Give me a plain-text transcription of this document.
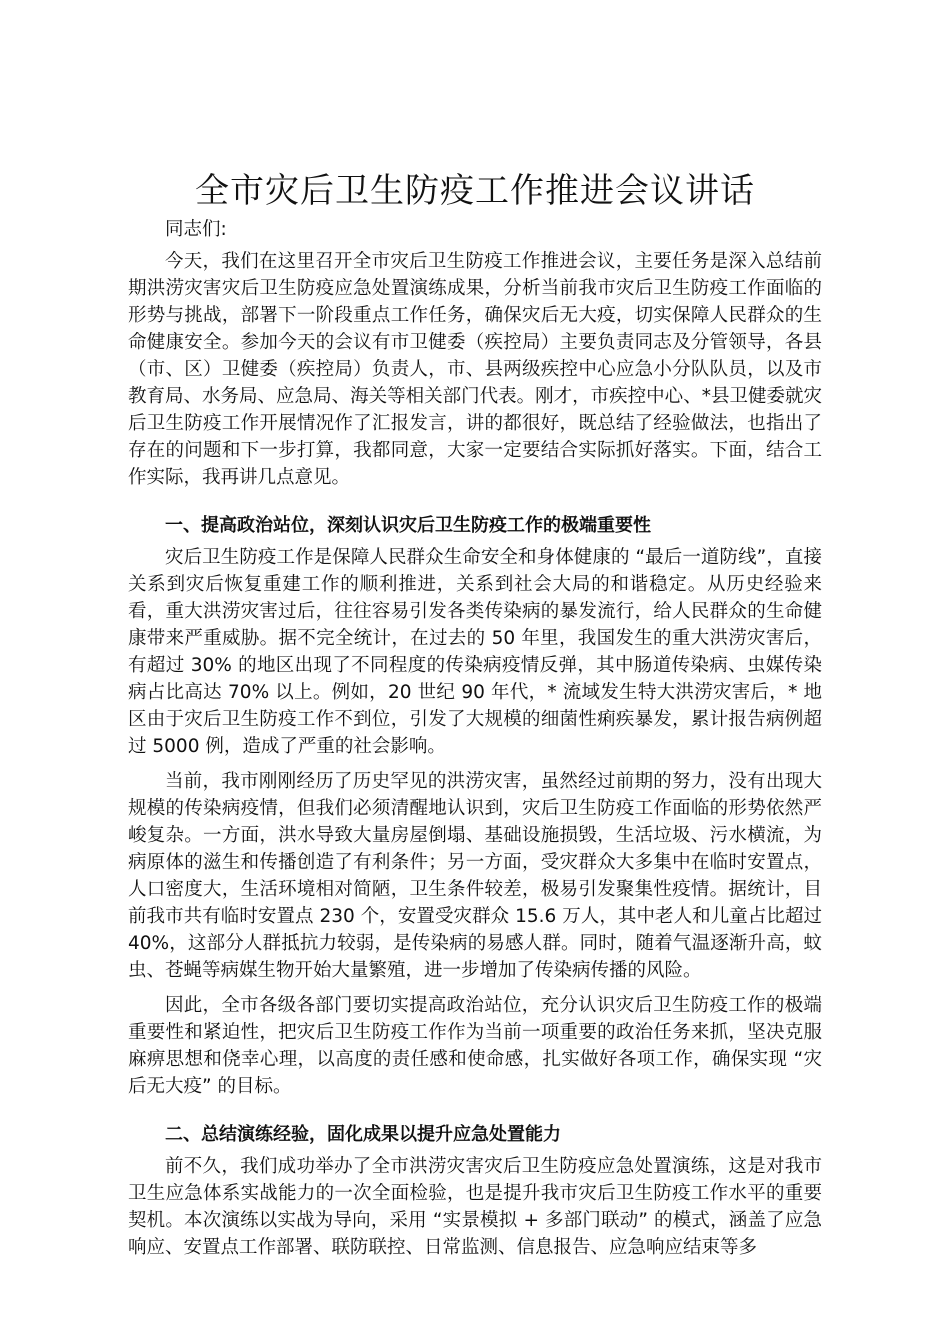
全市灾后卫生防疫工作推进会议讲话
同志们:
今天，我们在这里召开全市灾后卫生防疫工作推进会议，主要任务是深入总结前期洪涝灾害灾后卫生防疫应急处置演练成果，分析当前我市灾后卫生防疫工作面临的形势与挑战，部署下一阶段重点工作任务，确保灾后无大疫，切实保障人民群众的生命健康安全。参加今天的会议有市卫健委（疾控局）主要负责同志及分管领导，各县（市、区）卫健委（疾控局）负责人，市、县两级疾控中心应急小分队队员，以及市教育局、水务局、应急局、海关等相关部门代表。刚才，市疾控中心、*县卫健委就灾后卫生防疫工作开展情况作了汇报发言，讲的都很好，既总结了经验做法，也指出了存在的问题和下一步打算，我都同意，大家一定要结合实际抓好落实。下面，结合工作实际，我再讲几点意见。
一、提高政治站位，深刻认识灾后卫生防疫工作的极端重要性
灾后卫生防疫工作是保障人民群众生命安全和身体健康的 “最后一道防线”，直接关系到灾后恢复重建工作的顺利推进，关系到社会大局的和谐稳定。从历史经验来看，重大洪涝灾害过后，往往容易引发各类传染病的暴发流行，给人民群众的生命健康带来严重威胁。据不完全统计，在过去的 50 年里，我国发生的重大洪涝灾害后，有超过 30% 的地区出现了不同程度的传染病疫情反弹，其中肠道传染病、虫媒传染病占比高达 70% 以上。例如，20 世纪 90 年代，* 流域发生特大洪涝灾害后，* 地区由于灾后卫生防疫工作不到位，引发了大规模的细菌性痢疾暴发，累计报告病例超过 5000 例，造成了严重的社会影响。
当前，我市刚刚经历了历史罕见的洪涝灾害，虽然经过前期的努力，没有出现大规模的传染病疫情，但我们必须清醒地认识到，灾后卫生防疫工作面临的形势依然严峻复杂。一方面，洪水导致大量房屋倒塌、基础设施损毁，生活垃圾、污水横流，为病原体的滋生和传播创造了有利条件；另一方面，受灾群众大多集中在临时安置点，人口密度大，生活环境相对简陋，卫生条件较差，极易引发聚集性疫情。据统计，目前我市共有临时安置点 230 个，安置受灾群众 15.6 万人，其中老人和儿童占比超过 40%，这部分人群抵抗力较弱，是传染病的易感人群。同时，随着气温逐渐升高，蚊虫、苍蝇等病媒生物开始大量繁殖，进一步增加了传染病传播的风险。
因此，全市各级各部门要切实提高政治站位，充分认识灾后卫生防疫工作的极端重要性和紧迫性，把灾后卫生防疫工作作为当前一项重要的政治任务来抓，坚决克服麻痹思想和侥幸心理，以高度的责任感和使命感，扎实做好各项工作，确保实现 “灾后无大疫” 的目标。
二、总结演练经验，固化成果以提升应急处置能力
前不久，我们成功举办了全市洪涝灾害灾后卫生防疫应急处置演练，这是对我市卫生应急体系实战能力的一次全面检验，也是提升我市灾后卫生防疫工作水平的重要契机。本次演练以实战为导向，采用 “实景模拟 + 多部门联动” 的模式，涵盖了应急响应、安置点工作部署、联防联控、日常监测、信息报告、应急响应结束等多
